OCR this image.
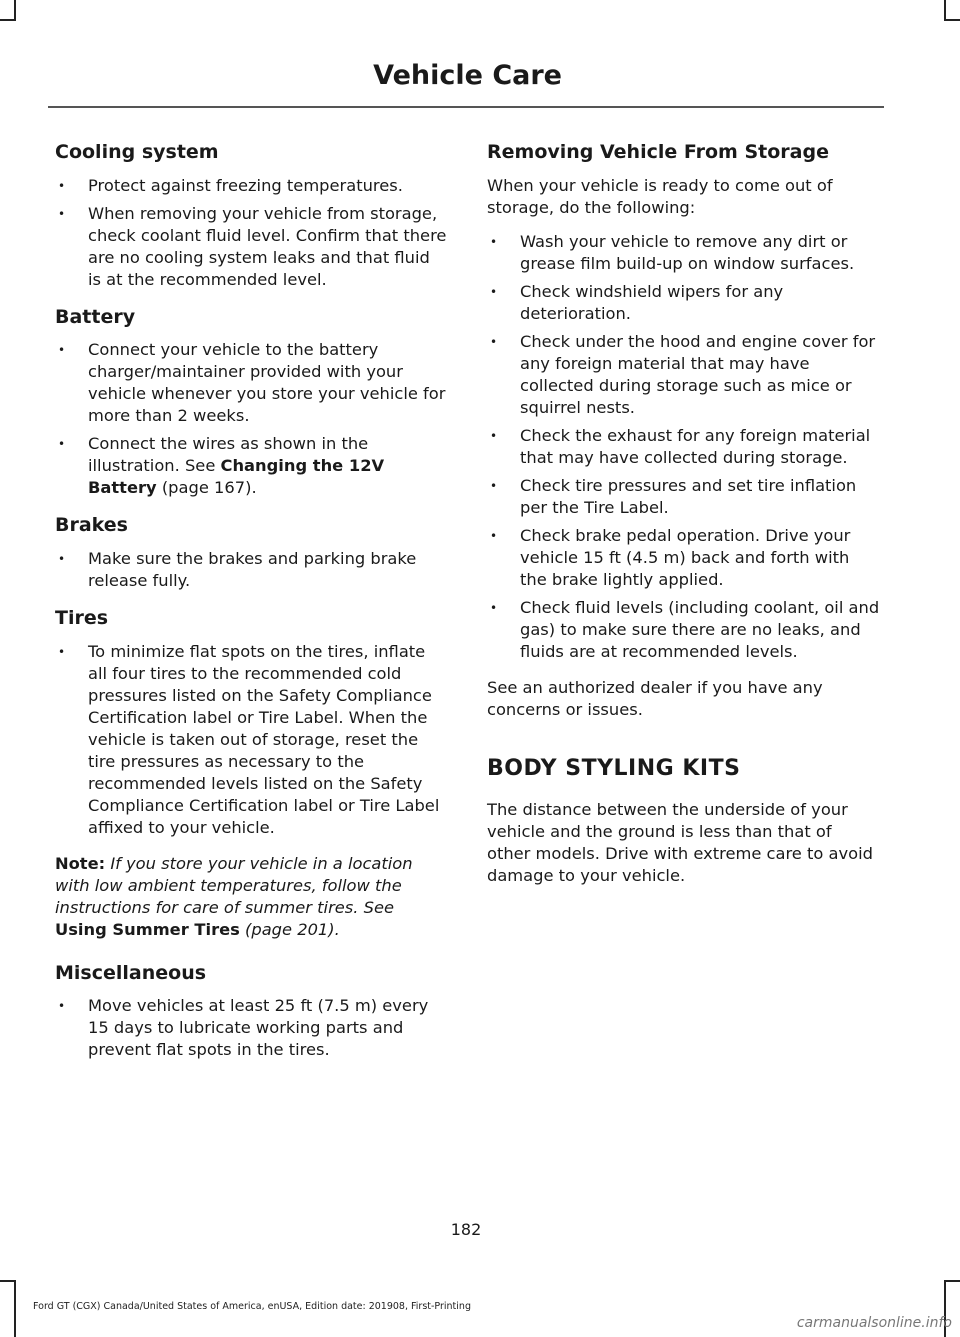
Vehicle Care
Cooling system
• Protect against freezing temperatures.
• When removing your vehicle from storage, check coolant fluid level. Confirm that there are no cooling system leaks and that fluid is at the recommended level.
Battery
• Connect your vehicle to the battery charger/maintainer provided with your vehicle whenever you store your vehicle for more than 2 weeks.
• Connect the wires as shown in the illustration. See Changing the 12V Battery (page 167).
Brakes
• Make sure the brakes and parking brake release fully.
Tires
• To minimize flat spots on the tires, inflate all four tires to the recommended cold pressures listed on the Safety Compliance Certification label or Tire Label. When the vehicle is taken out of storage, reset the tire pressures as necessary to the recommended levels listed on the Safety Compliance Certification label or Tire Label affixed to your vehicle.

Note: If you store your vehicle in a location with low ambient temperatures, follow the instructions for care of summer tires. See Using Summer Tires (page 201).

Miscellaneous
• Move vehicles at least 25 ft (7.5 m) every 15 days to lubricate working parts and prevent flat spots in the tires.
Removing Vehicle From Storage

When your vehicle is ready to come out of storage, do the following:

• Wash your vehicle to remove any dirt or grease film build-up on window surfaces.
• Check windshield wipers for any deterioration.
• Check under the hood and engine cover for any foreign material that may have collected during storage such as mice or squirrel nests.
• Check the exhaust for any foreign material that may have collected during storage.
• Check tire pressures and set tire inflation per the Tire Label.
• Check brake pedal operation. Drive your vehicle 15 ft (4.5 m) back and forth with the brake lightly applied.
• Check fluid levels (including coolant, oil and gas) to make sure there are no leaks, and fluids are at recommended levels.

See an authorized dealer if you have any concerns or issues.

BODY STYLING KITS

The distance between the underside of your vehicle and the ground is less than that of other models. Drive with extreme care to avoid damage to your vehicle.

182

Ford GT (CGX) Canada/United States of America, enUSA, Edition date: 201908, First-Printing

carmanualsonline.info
